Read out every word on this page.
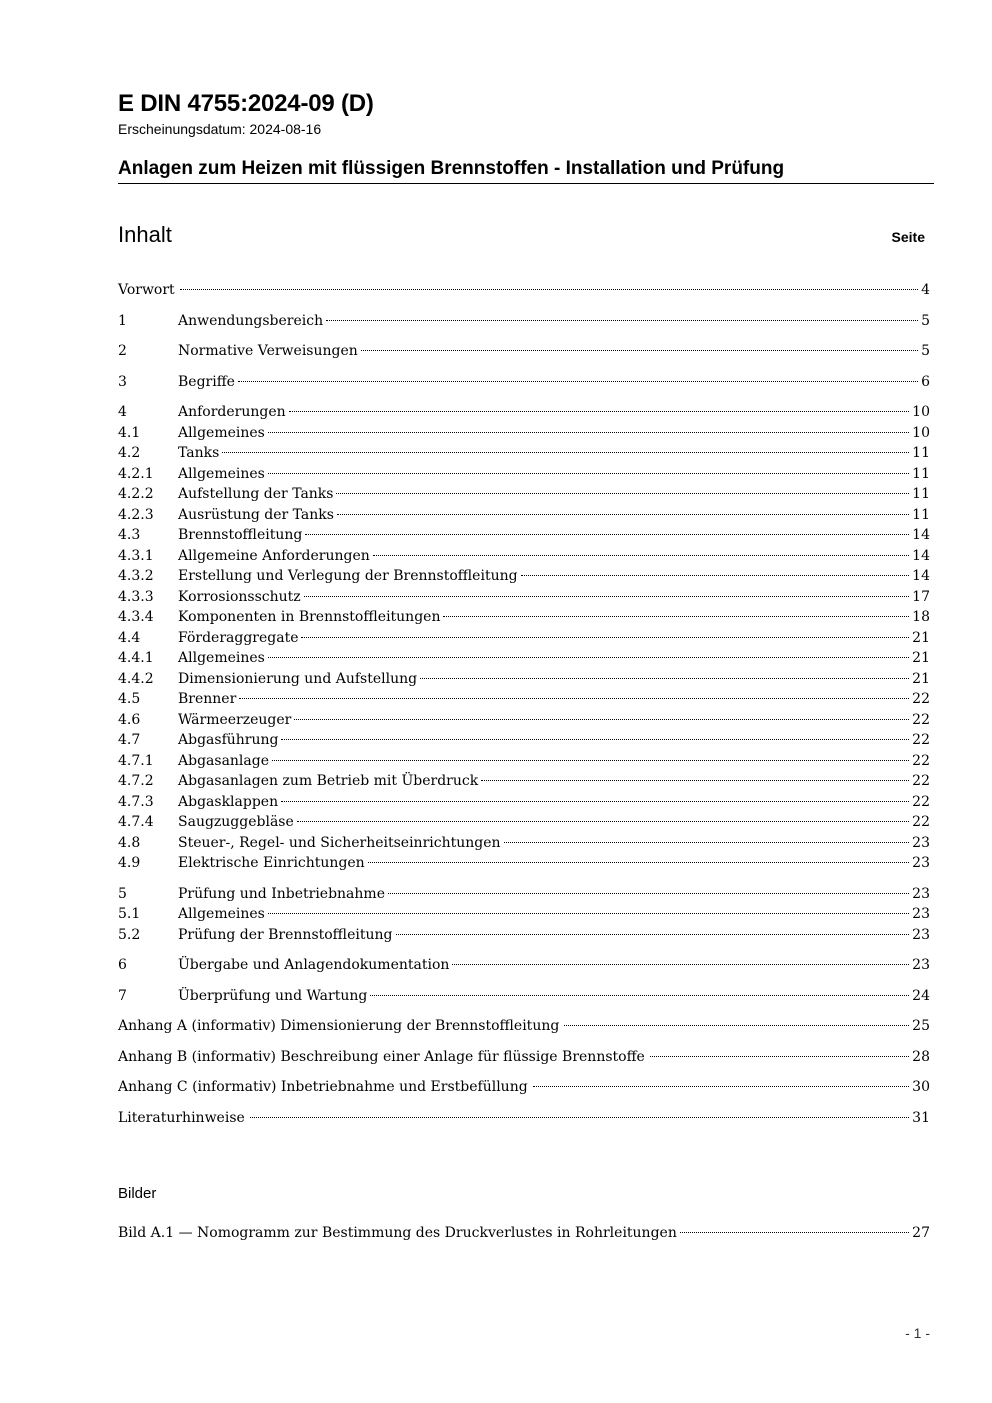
E DIN 4755:2024-09 (D)
Erscheinungsdatum: 2024-08-16
Anlagen zum Heizen mit flüssigen Brennstoffen - Installation und Prüfung
Inhalt	Seite
Vorwort	4
1	Anwendungsbereich	5
2	Normative Verweisungen	5
3	Begriffe	6
4	Anforderungen	10
4.1	Allgemeines	10
4.2	Tanks	11
4.2.1	Allgemeines	11
4.2.2	Aufstellung der Tanks	11
4.2.3	Ausrüstung der Tanks	11
4.3	Brennstoffleitung	14
4.3.1	Allgemeine Anforderungen	14
4.3.2	Erstellung und Verlegung der Brennstoffleitung	14
4.3.3	Korrosionsschutz	17
4.3.4	Komponenten in Brennstoffleitungen	18
4.4	Förderaggregate	21
4.4.1	Allgemeines	21
4.4.2	Dimensionierung und Aufstellung	21
4.5	Brenner	22
4.6	Wärmeerzeuger	22
4.7	Abgasführung	22
4.7.1	Abgasanlage	22
4.7.2	Abgasanlagen zum Betrieb mit Überdruck	22
4.7.3	Abgasklappen	22
4.7.4	Saugzuggebläse	22
4.8	Steuer-, Regel- und Sicherheitseinrichtungen	23
4.9	Elektrische Einrichtungen	23
5	Prüfung und Inbetriebnahme	23
5.1	Allgemeines	23
5.2	Prüfung der Brennstoffleitung	23
6	Übergabe und Anlagendokumentation	23
7	Überprüfung und Wartung	24
Anhang A (informativ) Dimensionierung der Brennstoffleitung	25
Anhang B (informativ) Beschreibung einer Anlage für flüssige Brennstoffe	28
Anhang C (informativ) Inbetriebnahme und Erstbefüllung	30
Literaturhinweise	31
Bilder
Bild A.1 — Nomogramm zur Bestimmung des Druckverlustes in Rohrleitungen	27
- 1 -
